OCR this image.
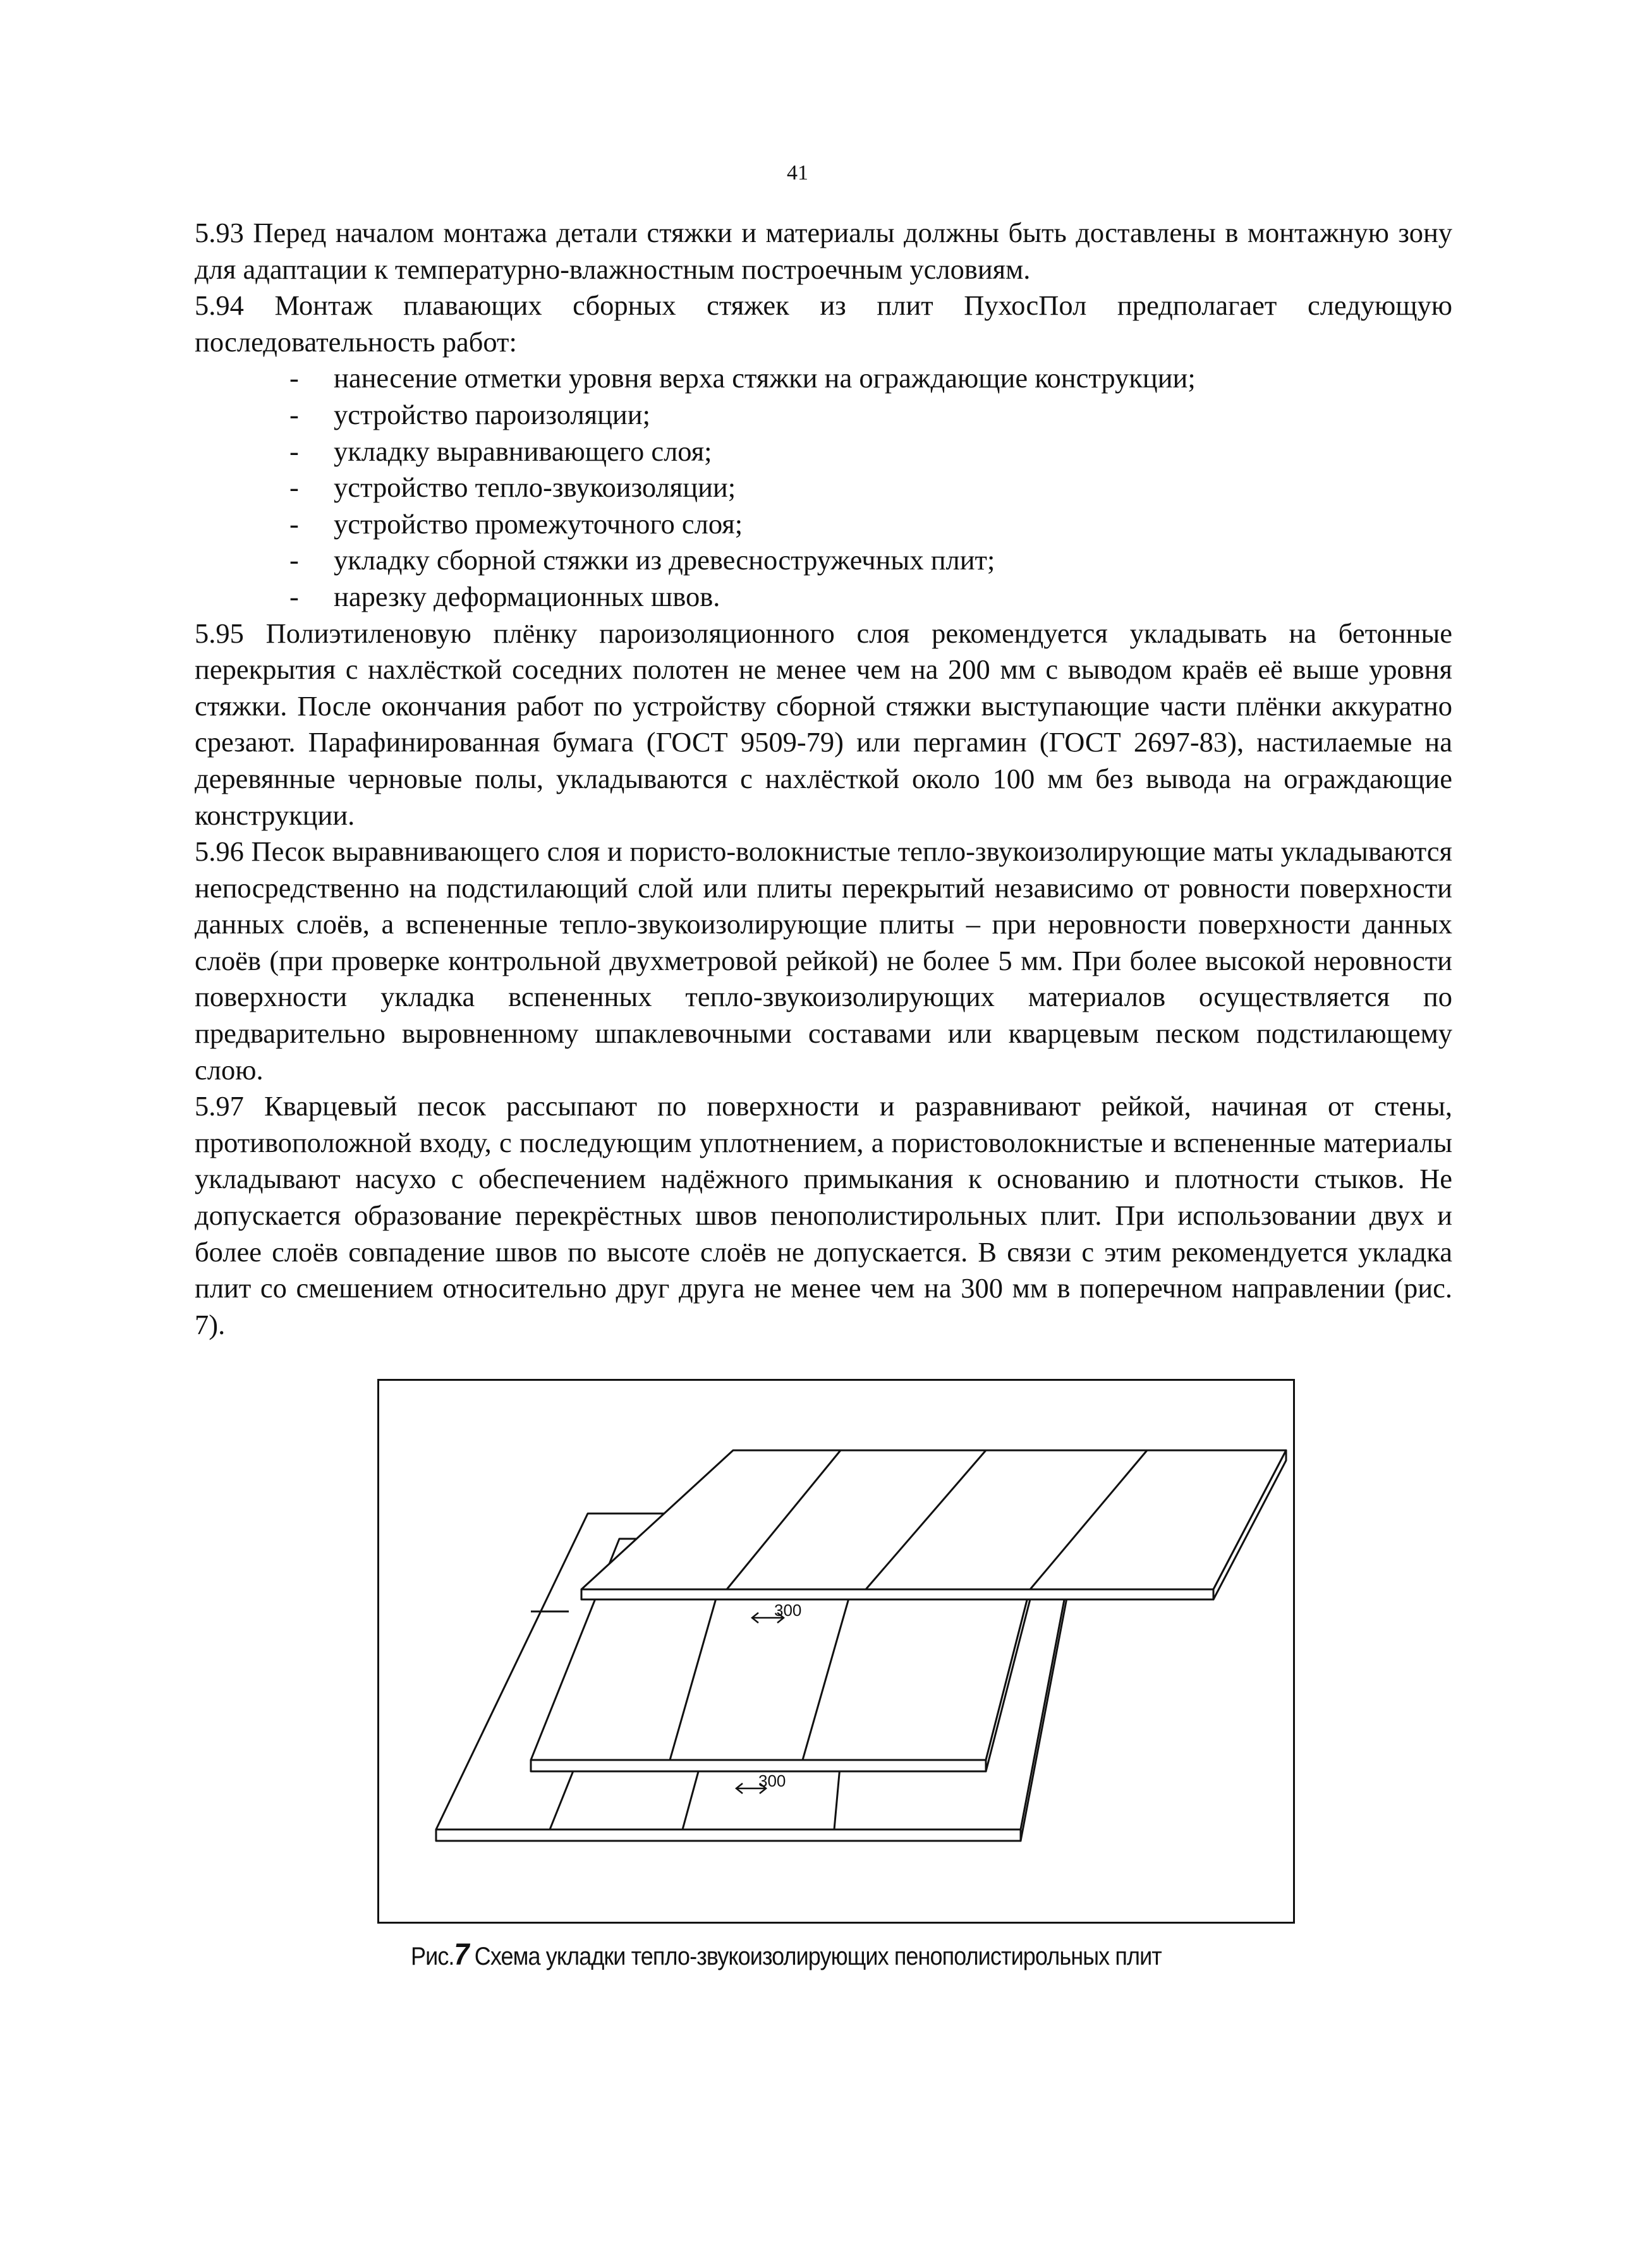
41

5.93 Перед началом монтажа детали стяжки и материалы должны быть доставлены в монтажную зону для адаптации к температурно-влажностным построечным условиям.

5.94 Монтаж плавающих сборных стяжек из плит ПухосПол предполагает следующую последовательность работ:

- нанесение отметки уровня верха стяжки на ограждающие конструкции;
- устройство пароизоляции;
- укладку выравнивающего слоя;
- устройство тепло-звукоизоляции;
- устройство промежуточного слоя;
- укладку сборной стяжки из древесностружечных плит;
- нарезку деформационных швов.

5.95 Полиэтиленовую плёнку пароизоляционного слоя рекомендуется укладывать на бетонные перекрытия с нахлёсткой соседних полотен не менее чем на 200 мм с выводом краёв её выше уровня стяжки. После окончания работ по устройству сборной стяжки выступающие части плёнки аккуратно срезают. Парафинированная бумага (ГОСТ 9509-79) или пергамин (ГОСТ 2697-83), настилаемые на деревянные черновые полы, укладываются с нахлёсткой около 100 мм без вывода на ограждающие конструкции.

5.96 Песок выравнивающего слоя и пористо-волокнистые тепло-звукоизолирующие маты укладываются непосредственно на подстилающий слой или плиты перекрытий независимо от ровности поверхности данных слоёв, а вспененные тепло-звукоизолирующие плиты – при неровности поверхности данных слоёв (при проверке контрольной двухметровой рейкой) не более 5 мм. При более высокой неровности поверхности укладка вспененных тепло-звукоизолирующих материалов осуществляется по предварительно выровненному шпаклевочными составами или кварцевым песком подстилающему слою.

5.97 Кварцевый песок рассыпают по поверхности и разравнивают рейкой, начиная от стены, противоположной входу, с последующим уплотнением, а пористоволокнистые и вспененные материалы укладывают насухо с обеспечением надёжного примыкания к основанию и плотности стыков. Не допускается образование перекрёстных швов пенополистирольных плит. При использовании двух и более слоёв совпадение швов по высоте слоёв не допускается. В связи с этим рекомендуется укладка плит со смешением относительно друг друга не менее чем на 300 мм в поперечном направлении (рис. 7).

300
300
Рис.7 Схема укладки тепло-звукоизолирующих пенополистирольных плит
